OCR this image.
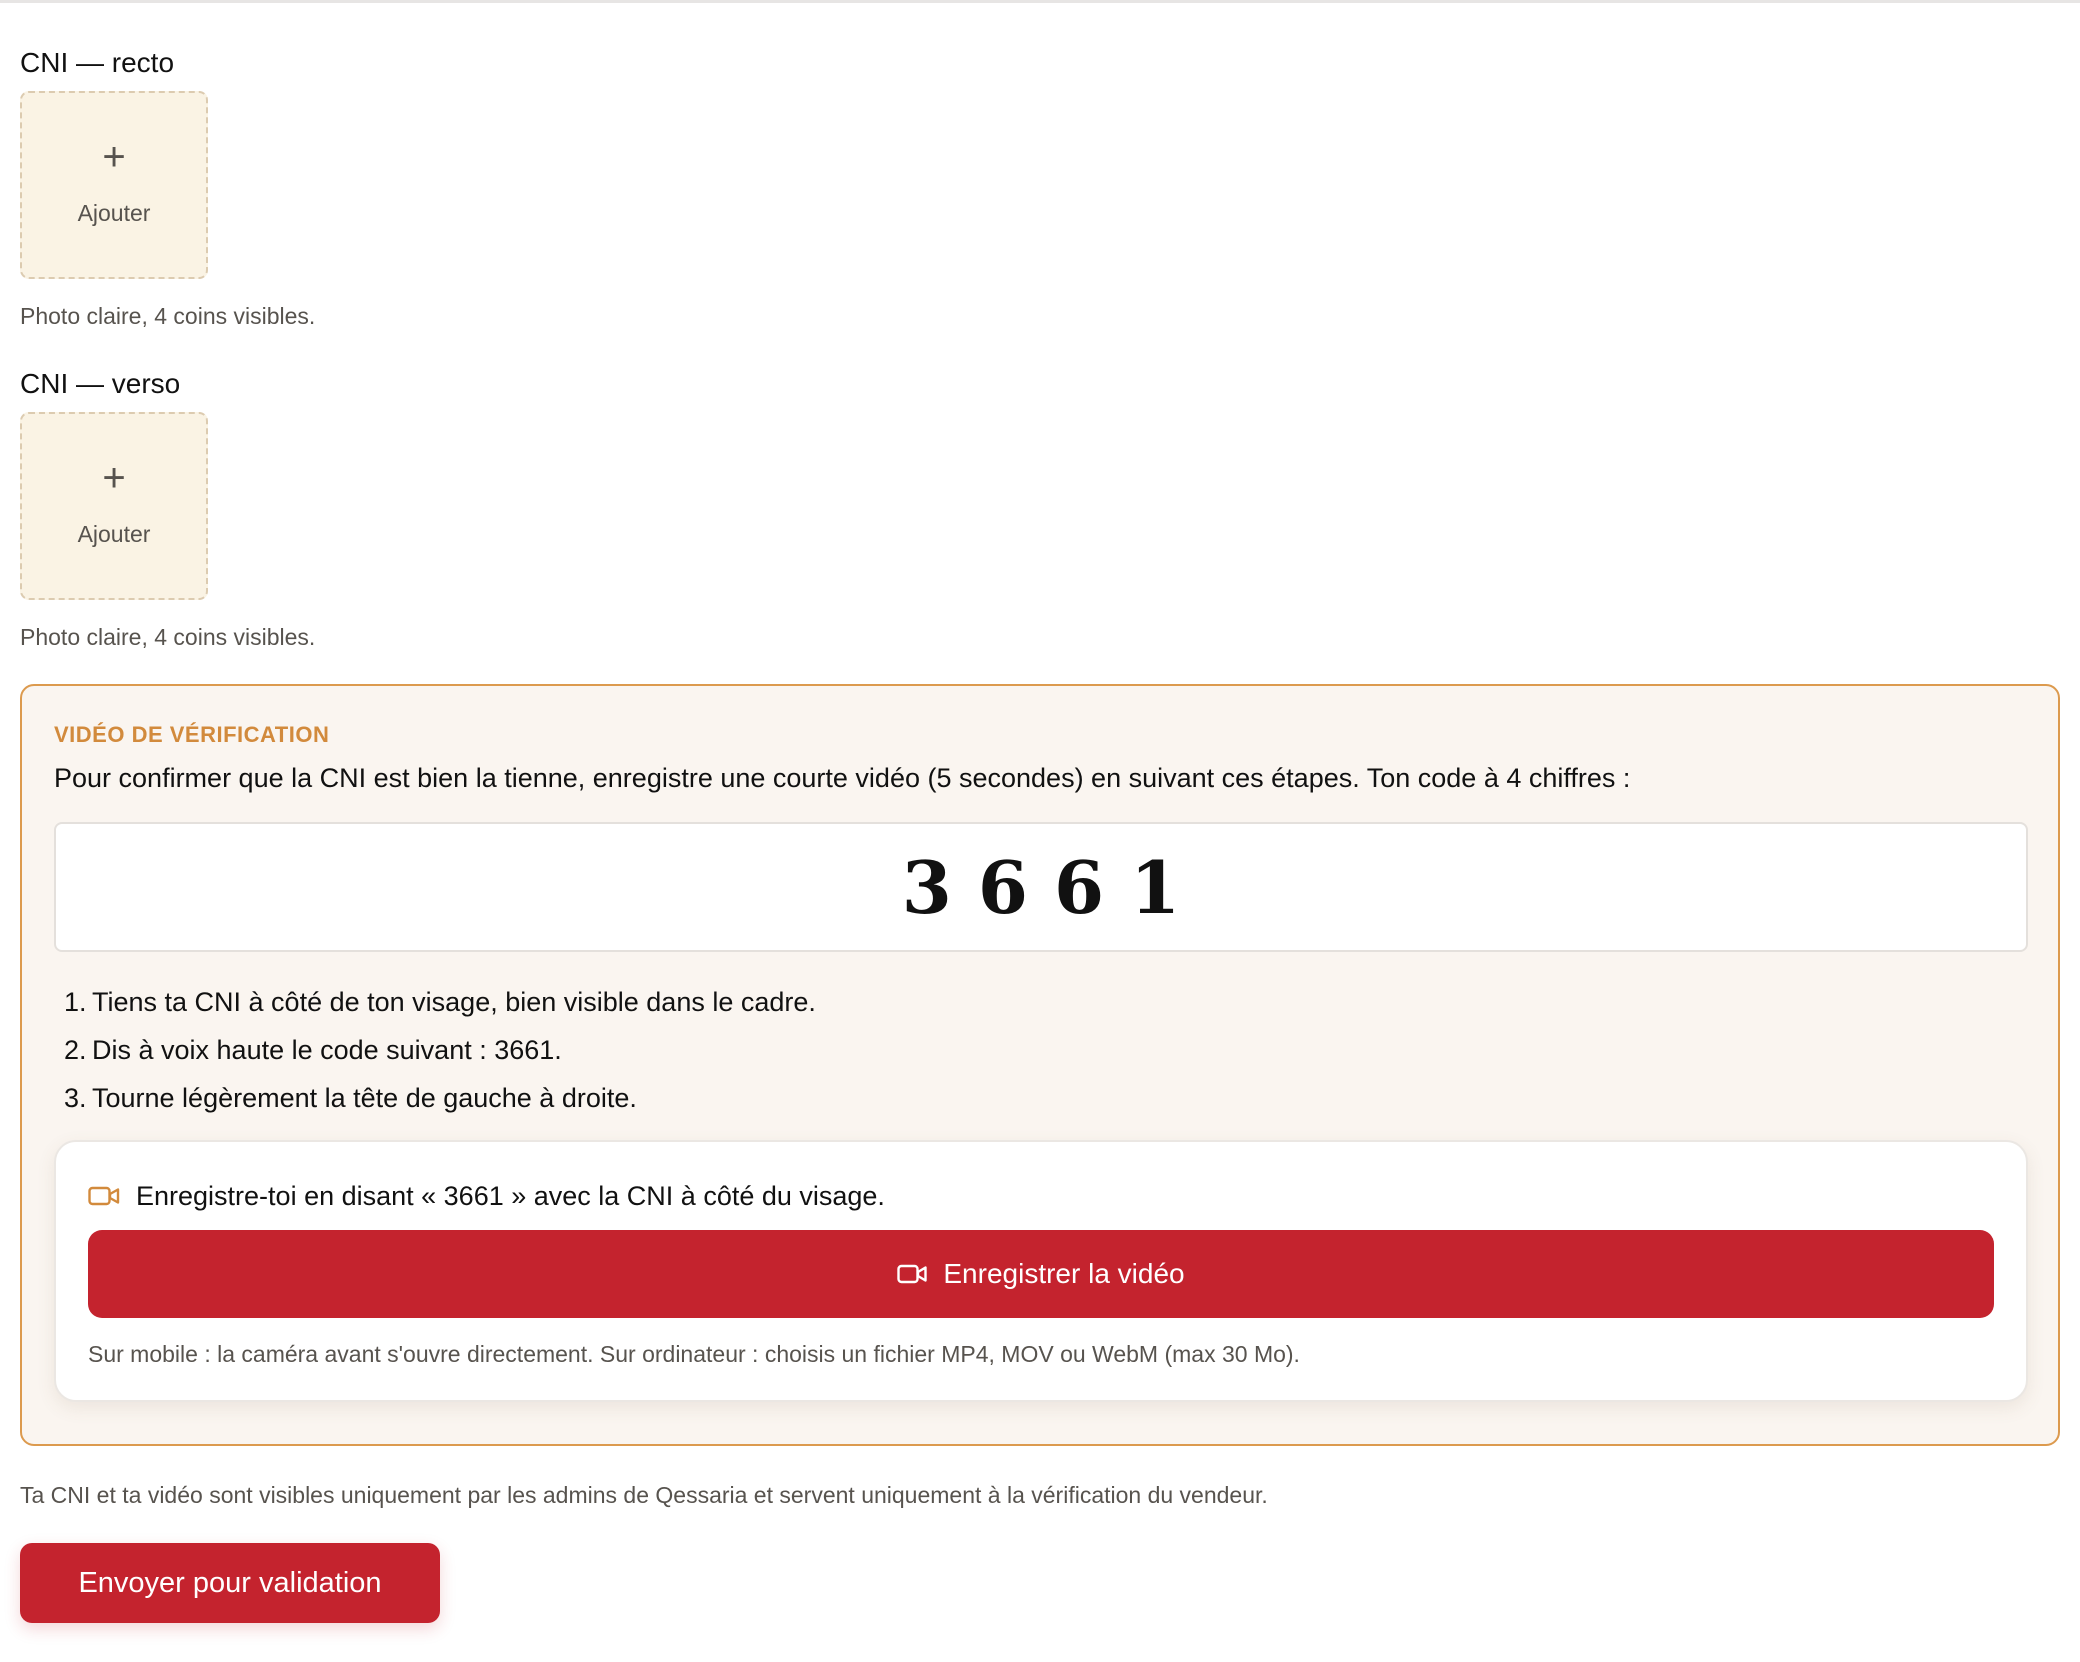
CNI — recto
+
Ajouter
Photo claire, 4 coins visibles.
CNI — verso
+
Ajouter
Photo claire, 4 coins visibles.
VIDÉO DE VÉRIFICATION
Pour confirmer que la CNI est bien la tienne, enregistre une courte vidéo (5 secondes) en suivant ces étapes. Ton code à 4 chiffres :
3661
1. Tiens ta CNI à côté de ton visage, bien visible dans le cadre.
2. Dis à voix haute le code suivant : 3661.
3. Tourne légèrement la tête de gauche à droite.
Enregistre-toi en disant « 3661 » avec la CNI à côté du visage.
Enregistrer la vidéo
Sur mobile : la caméra avant s'ouvre directement. Sur ordinateur : choisis un fichier MP4, MOV ou WebM (max 30 Mo).
Ta CNI et ta vidéo sont visibles uniquement par les admins de Qessaria et servent uniquement à la vérification du vendeur.
Envoyer pour validation
